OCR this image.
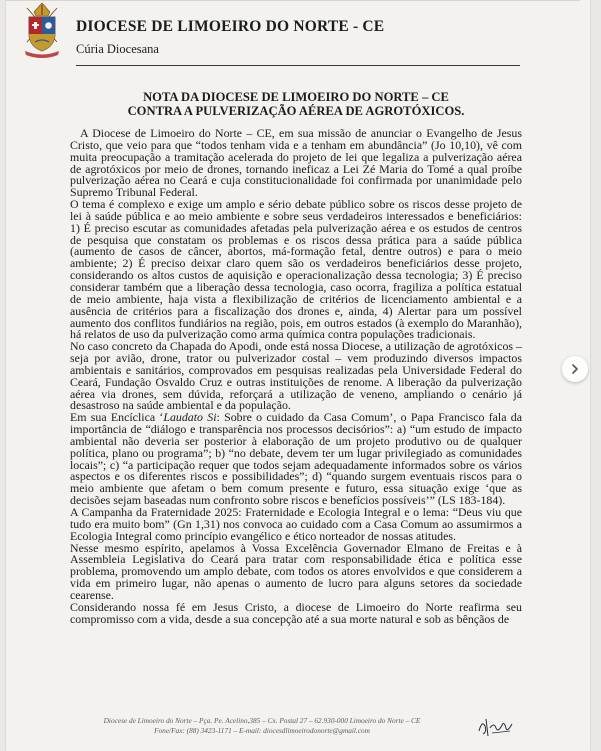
DIOCESE DE LIMOEIRO DO NORTE - CE
Cúria Diocesana
NOTA DA DIOCESE DE LIMOEIRO DO NORTE – CE
CONTRA A PULVERIZAÇÃO AÉREA DE AGROTÓXICOS.

A Diocese de Limoeiro do Norte – CE, em sua missão de anunciar o Evangelho de Jesus Cristo, que veio para que “todos tenham vida e a tenham em abundância” (Jo 10,10), vê com muita preocupação a tramitação acelerada do projeto de lei que legaliza a pulverização aérea de agrotóxicos por meio de drones, tornando ineficaz a Lei Zé Maria do Tomé a qual proíbe pulverização aérea no Ceará e cuja constitucionalidade foi confirmada por unanimidade pelo Supremo Tribunal Federal.

O tema é complexo e exige um amplo e sério debate público sobre os riscos desse projeto de lei à saúde pública e ao meio ambiente e sobre seus verdadeiros interessados e beneficiários: 1) É preciso escutar as comunidades afetadas pela pulverização aérea e os estudos de centros de pesquisa que constatam os problemas e os riscos dessa prática para a saúde pública (aumento de casos de câncer, abortos, má-formação fetal, dentre outros) e para o meio ambiente; 2) É preciso deixar claro quem são os verdadeiros beneficiários desse projeto, considerando os altos custos de aquisição e operacionalização dessa tecnologia; 3) É preciso considerar também que a liberação dessa tecnologia, caso ocorra, fragiliza a política estatual de meio ambiente, haja vista a flexibilização de critérios de licenciamento ambiental e a ausência de critérios para a fiscalização dos drones e, ainda, 4) Alertar para um possível aumento dos conflitos fundiários na região, pois, em outros estados (à exemplo do Maranhão), há relatos de uso da pulverização como arma química contra populações tradicionais.

No caso concreto da Chapada do Apodi, onde está nossa Diocese, a utilização de agrotóxicos – seja por avião, drone, trator ou pulverizador costal – vem produzindo diversos impactos ambientais e sanitários, comprovados em pesquisas realizadas pela Universidade Federal do Ceará, Fundação Osvaldo Cruz e outras instituições de renome. A liberação da pulverização aérea via drones, sem dúvida, reforçará a utilização de veneno, ampliando o cenário já desastroso na saúde ambiental e da população.

Em sua Encíclica ‘Laudato Si: Sobre o cuidado da Casa Comum’, o Papa Francisco fala da importância de “diálogo e transparência nos processos decisórios”: a) “um estudo de impacto ambiental não deveria ser posterior à elaboração de um projeto produtivo ou de qualquer política, plano ou programa”; b) “no debate, devem ter um lugar privilegiado as comunidades locais”; c) “a participação requer que todos sejam adequadamente informados sobre os vários aspectos e os diferentes riscos e possibilidades”; d) “quando surgem eventuais riscos para o meio ambiente que afetam o bem comum presente e futuro, essa situação exige ‘que as decisões sejam baseadas num confronto sobre riscos e benefícios possíveis’” (LS 183-184).

A Campanha da Fraternidade 2025: Fraternidade e Ecologia Integral e o lema: “Deus viu que tudo era muito bom” (Gn 1,31) nos convoca ao cuidado com a Casa Comum ao assumirmos a Ecologia Integral como princípio evangélico e ético norteador de nossas atitudes.

Nesse mesmo espírito, apelamos à Vossa Excelência Governador Elmano de Freitas e à Assembleia Legislativa do Ceará para tratar com responsabilidade ética e política esse problema, promovendo um amplo debate, com todos os atores envolvidos e que considerem a vida em primeiro lugar, não apenas o aumento de lucro para alguns setores da sociedade cearense.

Considerando nossa fé em Jesus Cristo, a diocese de Limoeiro do Norte reafirma seu compromisso com a vida, desde a sua concepção até a sua morte natural e sob as bênçãos de

Diocese de Limoeiro do Norte – Pça. Pe. Acelino,385 – Cx. Postal 27 – 62.930-000 Limoeiro do Norte – CE
Fone/Fax: (88) 3423-1171 – E-mail: diocesdlimoeirodonorte@gmail.com
